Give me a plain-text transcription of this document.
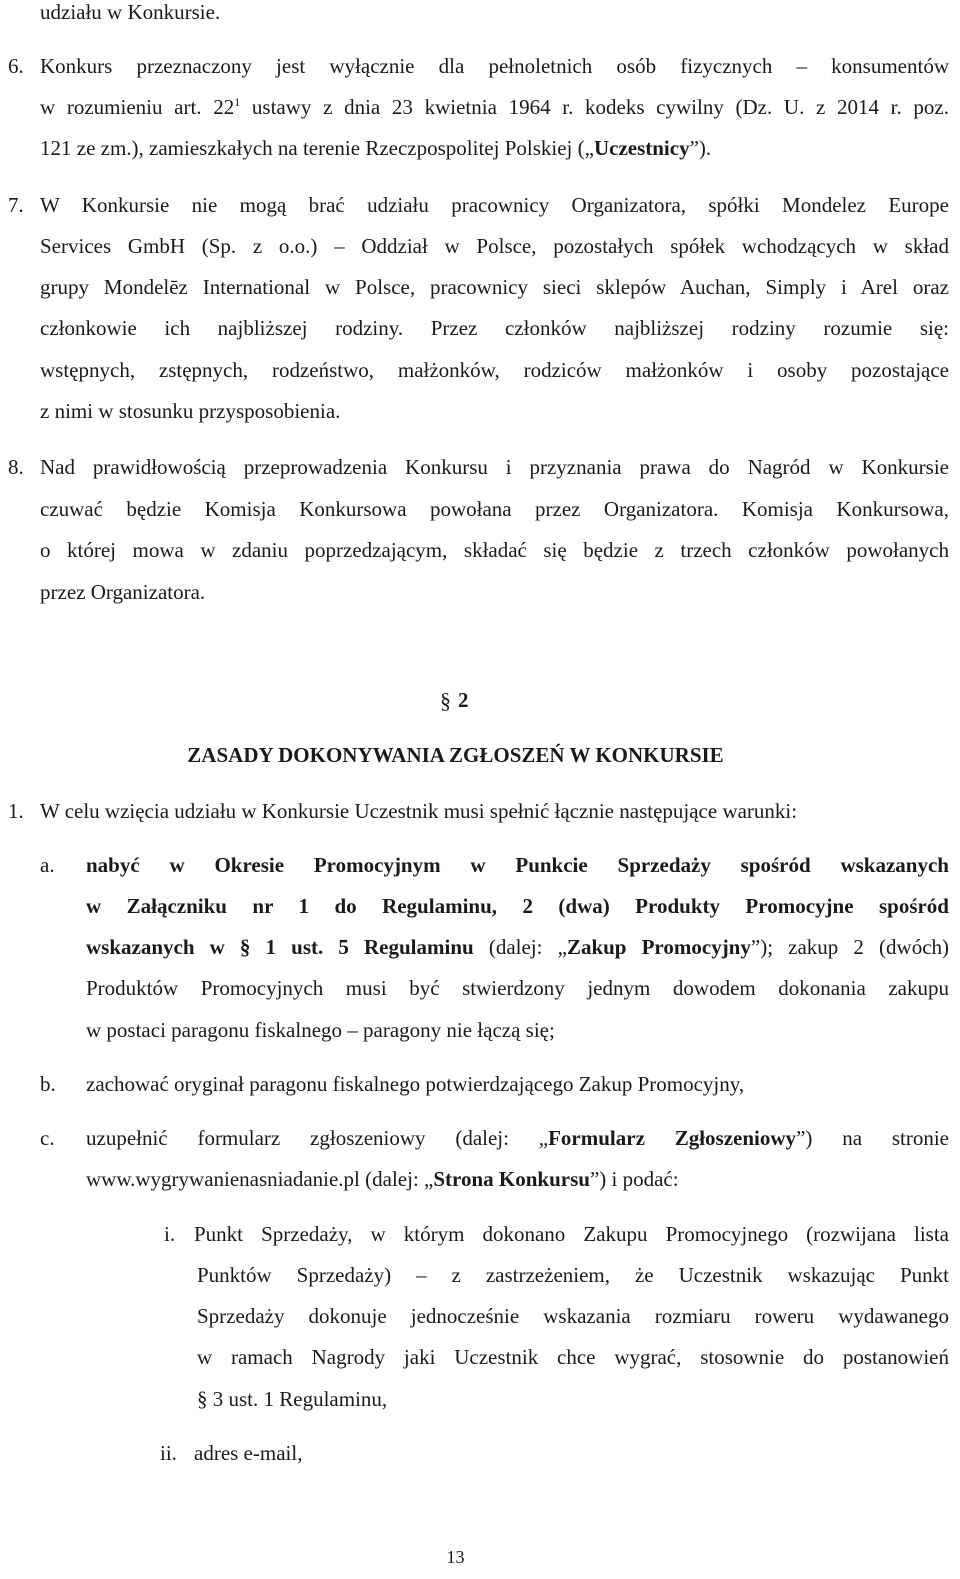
udziału w Konkursie.
6. Konkurs przeznaczony jest wyłącznie dla pełnoletnich osób fizycznych – konsumentów
w rozumieniu art. $22^1$ ustawy z dnia 23 kwietnia 1964 r. kodeks cywilny (Dz. U. z 2014 r. poz.
121 ze zm.), zamieszkałych na terenie Rzeczpospolitej Polskiej („Uczestnicy”).
7. W Konkursie nie mogą brać udziału pracownicy Organizatora, spółki Mondelez Europe
Services GmbH (Sp. z o.o.) – Oddział w Polsce, pozostałych spółek wchodzących w skład
grupy Mondelēz International w Polsce, pracownicy sieci sklepów Auchan, Simply i Arel oraz
członkowie ich najbliższej rodziny. Przez członków najbliższej rodziny rozumie się:
wstępnych, zstępnych, rodzeństwo, małżonków, rodziców małżonków i osoby pozostające
z nimi w stosunku przysposobienia.
8. Nad prawidłowością przeprowadzenia Konkursu i przyznania prawa do Nagród w Konkursie
czuwać będzie Komisja Konkursowa powołana przez Organizatora. Komisja Konkursowa,
o której mowa w zdaniu poprzedzającym, składać się będzie z trzech członków powołanych
przez Organizatora.
§ 2
ZASADY DOKONYWANIA ZGŁOSZEŃ W KONKURSIE
1. W celu wzięcia udziału w Konkursie Uczestnik musi spełnić łącznie następujące warunki:
a. nabyć w Okresie Promocyjnym w Punkcie Sprzedaży spośród wskazanych
w Załączniku nr 1 do Regulaminu, 2 (dwa) Produkty Promocyjne spośród
wskazanych w § 1 ust. 5 Regulaminu (dalej: „Zakup Promocyjny”); zakup 2 (dwóch)
Produktów Promocyjnych musi być stwierdzony jednym dowodem dokonania zakupu
w postaci paragonu fiskalnego – paragony nie łączą się;
b. zachować oryginał paragonu fiskalnego potwierdzającego Zakup Promocyjny,
c. uzupełnić formularz zgłoszeniowy (dalej: „Formularz Zgłoszeniowy”) na stronie
www.wygrywanienasniadanie.pl (dalej: „Strona Konkursu”) i podać:
i. Punkt Sprzedaży, w którym dokonano Zakupu Promocyjnego (rozwijana lista
Punktów Sprzedaży) – z zastrzeżeniem, że Uczestnik wskazując Punkt
Sprzedaży dokonuje jednocześnie wskazania rozmiaru roweru wydawanego
w ramach Nagrody jaki Uczestnik chce wygrać, stosownie do postanowień
§ 3 ust. 1 Regulaminu,
ii. adres e-mail,
13
